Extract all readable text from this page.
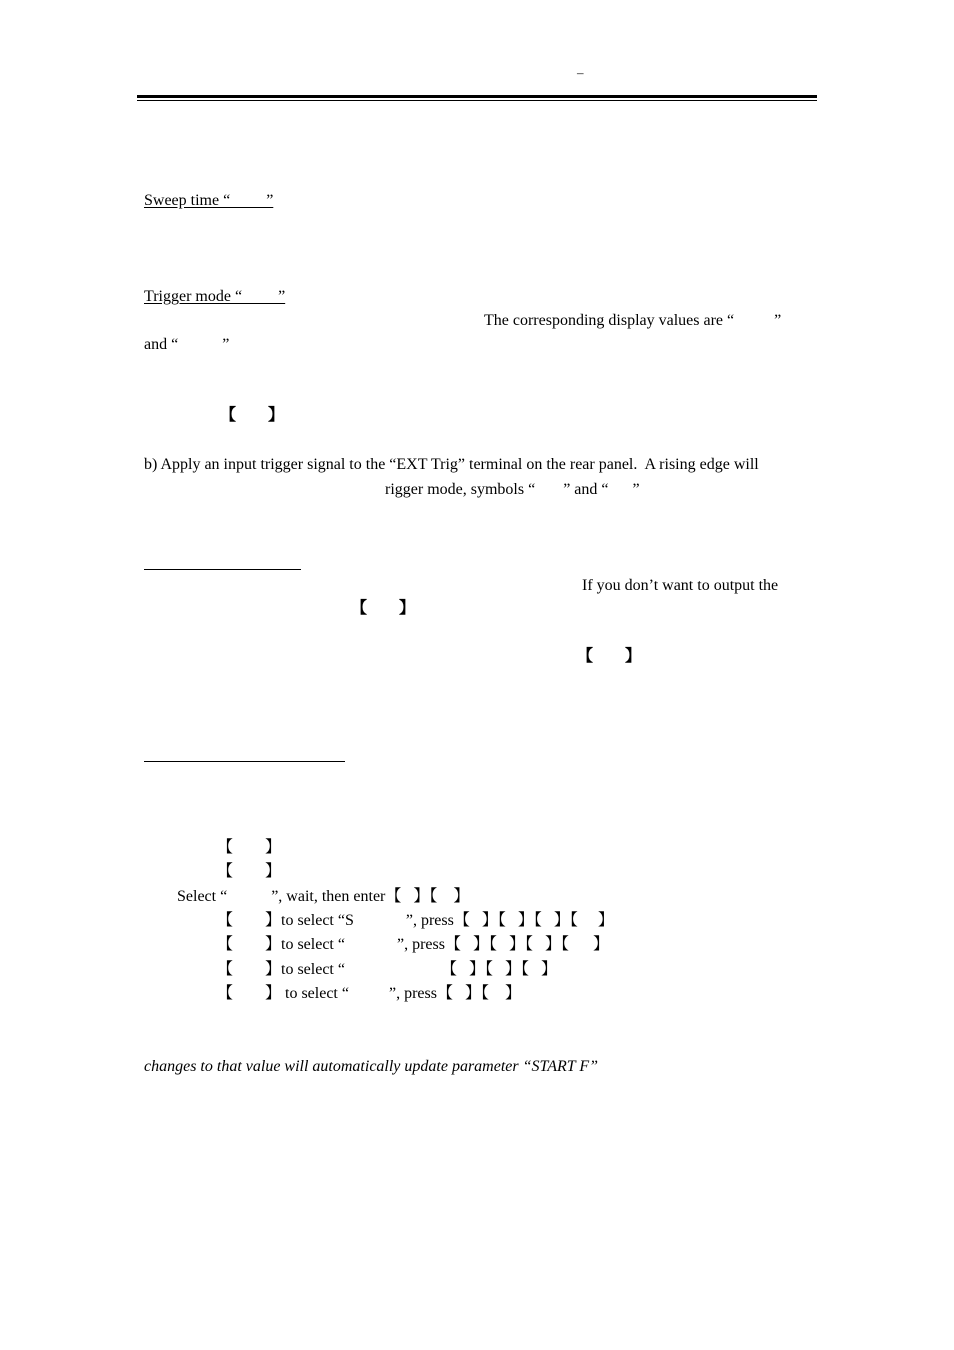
–
Sweep time “         ”
Trigger mode “         ”
The corresponding display values are “          ”
and “           ”
【        】
b) Apply an input trigger signal to the “EXT Trig” terminal on the rear panel.  A rising edge will
rigger mode, symbols “       ” and “      ”
If you don’t want to output the
【        】
【        】
【        】
【        】
Select “           ”, wait, then enter【   】【    】
【        】to select “S             ”, press【   】【   】【   】【     】
【        】to select “             ”, press【   】【   】【   】【      】
【        】to select “                        【   】【   】【   】
【        】 to select “          ”, press【   】【    】
changes to that value will automatically update parameter “START F”
